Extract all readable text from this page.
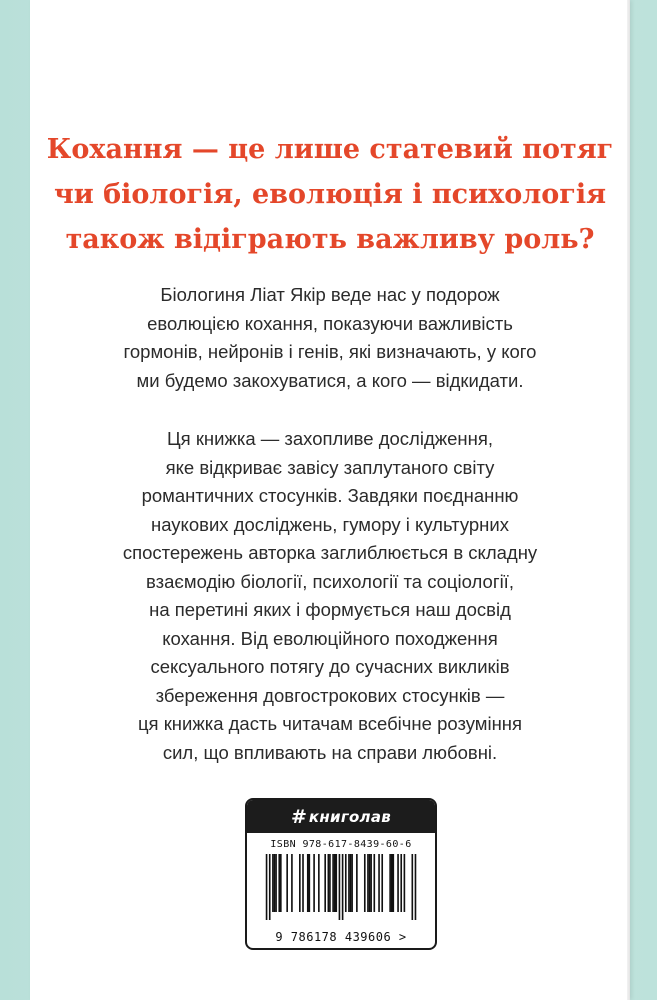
Кохання — це лише статевий потяг
чи біологія, еволюція і психологія
також відіграють важливу роль?
Біологиня Ліат Якір веде нас у подорож
еволюцією кохання, показуючи важливість
гормонів, нейронів і генів, які визначають, у кого
ми будемо закохуватися, а кого — відкидати.
Ця книжка — захопливе дослідження,
яке відкриває завісу заплутаного світу
романтичних стосунків. Завдяки поєднанню
наукових досліджень, гумору і культурних
спостережень авторка заглиблюється в складну
взаємодію біології, психології та соціології,
на перетині яких і формується наш досвід
кохання. Від еволюційного походження
сексуального потягу до сучасних викликів
збереження довгострокових стосунків —
ця книжка дасть читачам всебічне розуміння
сил, що впливають на справи любовні.
# книголав
ISBN 978-617-8439-60-6
9 786178 439606 >
